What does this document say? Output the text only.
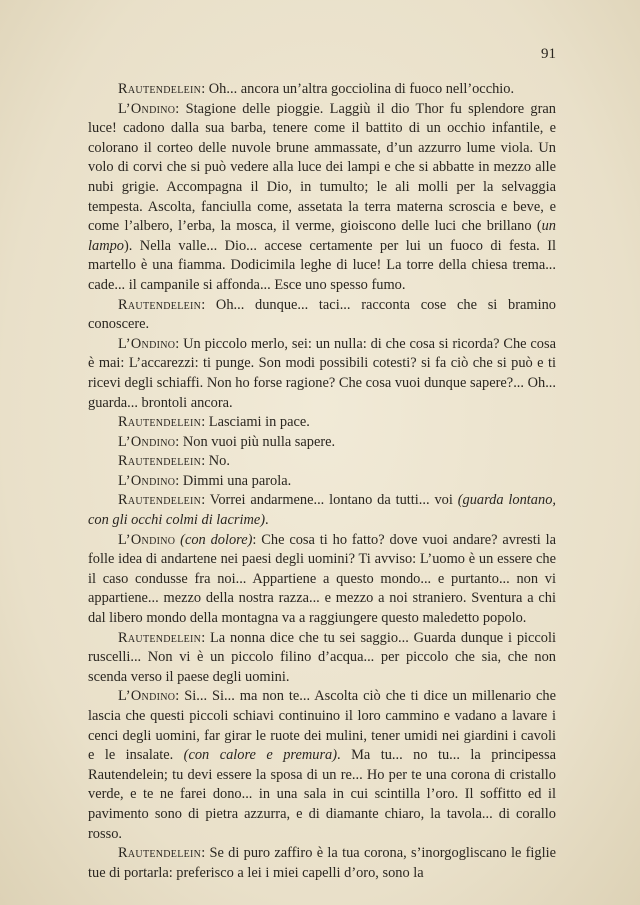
91

Rautendelein: Oh... ancora un’altra gocciolina di fuoco nell’occhio.

L’Ondino: Stagione delle pioggie. Laggiù il dio Thor fu splendore gran luce! cadono dalla sua barba, tenere come il battito di un occhio infantile, e colorano il corteo delle nuvole brune ammassate, d’un azzurro lume viola. Un volo di corvi che si può vedere alla luce dei lampi e che si abbatte in mezzo alle nubi grigie. Accompagna il Dio, in tumulto; le ali molli per la selvaggia tempesta. Ascolta, fanciulla come, assetata la terra materna scroscia e beve, e come l’albero, l’erba, la mosca, il verme, gioiscono delle luci che brillano (un lampo). Nella valle... Dio... accese certamente per lui un fuoco di festa. Il martello è una fiamma. Dodicimila leghe di luce! La torre della chiesa trema... cade... il campanile si affonda... Esce uno spesso fumo.

Rautendelein: Oh... dunque... taci... racconta cose che si bramino conoscere.

L’Ondino: Un piccolo merlo, sei: un nulla: di che cosa si ricorda? Che cosa è mai: L’accarezzi: ti punge. Son modi possibili cotesti? si fa ciò che si può e ti ricevi degli schiaffi. Non ho forse ragione? Che cosa vuoi dunque sapere?... Oh... guarda... brontoli ancora.

Rautendelein: Lasciami in pace.

L’Ondino: Non vuoi più nulla sapere.

Rautendelein: No.

L’Ondino: Dimmi una parola.

Rautendelein: Vorrei andarmene... lontano da tutti... voi (guarda lontano, con gli occhi colmi di lacrime).

L’Ondino (con dolore): Che cosa ti ho fatto? dove vuoi andare? avresti la folle idea di andartene nei paesi degli uomini? Ti avviso: L’uomo è un essere che il caso condusse fra noi... Appartiene a questo mondo... e purtanto... non vi appartiene... mezzo della nostra razza... e mezzo a noi straniero. Sventura a chi dal libero mondo della montagna va a raggiungere questo maledetto popolo.

Rautendelein: La nonna dice che tu sei saggio... Guarda dunque i piccoli ruscelli... Non vi è un piccolo filino d’acqua... per piccolo che sia, che non scenda verso il paese degli uomini.

L’Ondino: Si... Si... ma non te... Ascolta ciò che ti dice un millenario che lascia che questi piccoli schiavi continuino il loro cammino e vadano a lavare i cenci degli uomini, far girar le ruote dei mulini, tener umidi nei giardini i cavoli e le insalate. (con calore e premura). Ma tu... no tu... la principessa Rautendelein; tu devi essere la sposa di un re... Ho per te una corona di cristallo verde, e te ne farei dono... in una sala in cui scintilla l’oro. Il soffitto ed il pavimento sono di pietra azzurra, e di diamante chiaro, la tavola... di corallo rosso.

Rautendelein: Se di puro zaffiro è la tua corona, s’inorgogliscano le figlie tue di portarla: preferisco a lei i miei capelli d’oro, sono la
